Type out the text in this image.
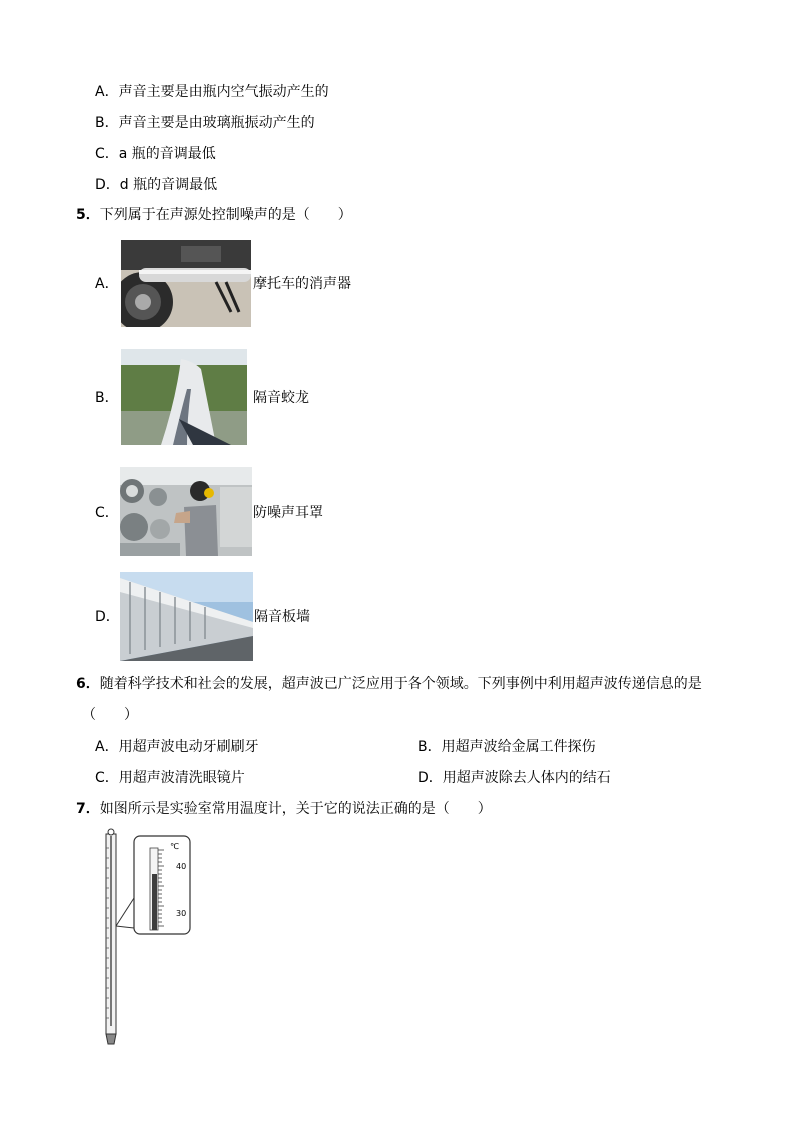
A．声音主要是由瓶内空气振动产生的
B．声音主要是由玻璃瓶振动产生的
C．a 瓶的音调最低
D．d 瓶的音调最低
5．下列属于在声源处控制噪声的是（　　）
A．	摩托车的消声器
B．	隔音蛟龙
C．	防噪声耳罩
D．	隔音板墙
6．随着科学技术和社会的发展，超声波已广泛应用于各个领域。下列事例中利用超声波传递信息的是
（　　）
A．用超声波电动牙刷刷牙	B．用超声波给金属工件探伤
C．用超声波清洗眼镜片	D．用超声波除去人体内的结石
7．如图所示是实验室常用温度计，关于它的说法正确的是（　　）
℃
40
30
